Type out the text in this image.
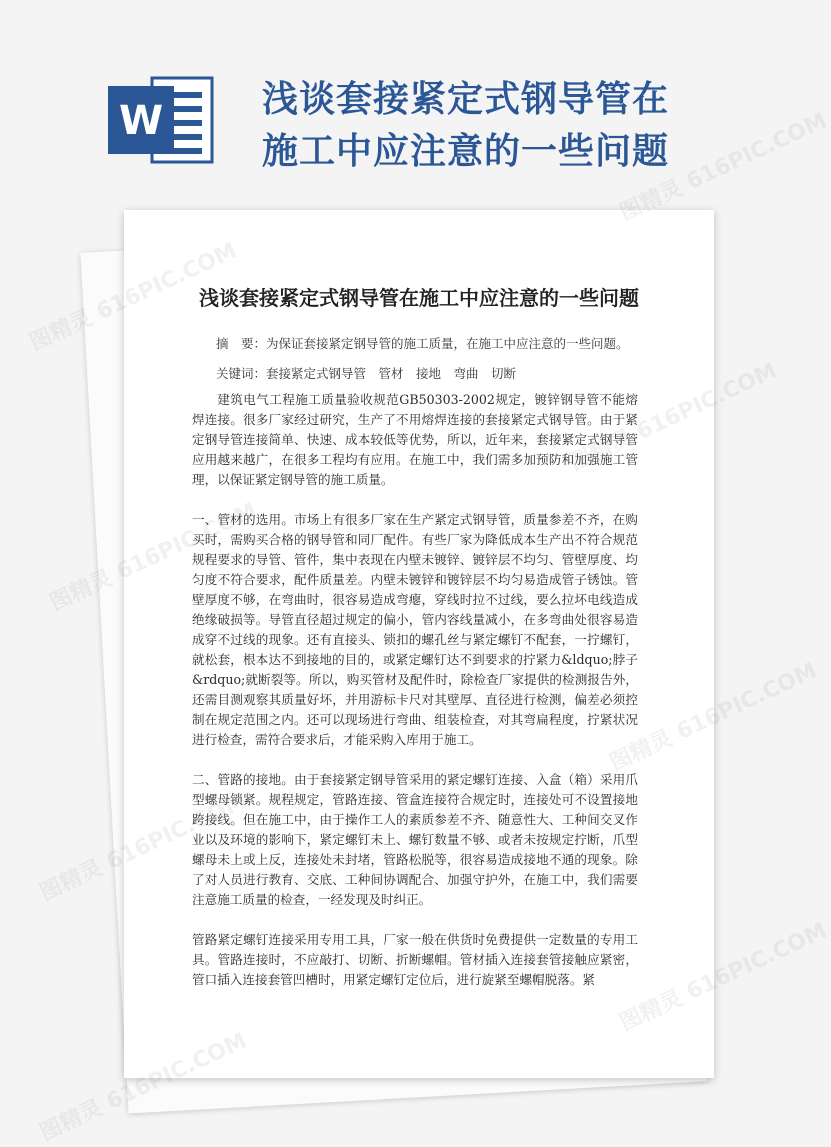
W	浅谈套接紧定式钢导管在施工中应注意的一些问题
浅谈套接紧定式钢导管在施工中应注意的一些问题
摘　要：为保证套接紧定钢导管的施工质量，在施工中应注意的一些问题。
关键词：套接紧定式钢导管　管材　接地　弯曲　切断

建筑电气工程施工质量验收规范GB50303-2002规定，镀锌钢导管不能熔焊连接。很多厂家经过研究，生产了不用熔焊连接的套接紧定式钢导管。由于紧定钢导管连接简单、快速、成本较低等优势，所以，近年来，套接紧定式钢导管应用越来越广，在很多工程均有应用。在施工中，我们需多加预防和加强施工管理，以保证紧定钢导管的施工质量。

一、管材的选用。市场上有很多厂家在生产紧定式钢导管，质量参差不齐，在购买时，需购买合格的钢导管和同厂配件。有些厂家为降低成本生产出不符合规范规程要求的导管、管件，集中表现在内壁未镀锌、镀锌层不均匀、管壁厚度、均匀度不符合要求，配件质量差。内壁未镀锌和镀锌层不均匀易造成管子锈蚀。管壁厚度不够，在弯曲时，很容易造成弯瘪，穿线时拉不过线，要么拉坏电线造成绝缘破损等。导管直径超过规定的偏小，管内容线量减小，在多弯曲处很容易造成穿不过线的现象。还有直接头、锁扣的螺孔丝与紧定螺钉不配套，一拧螺钉，就松套，根本达不到接地的目的，或紧定螺钉达不到要求的拧紧力&ldquo;脖子&rdquo;就断裂等。所以，购买管材及配件时，除检查厂家提供的检测报告外，还需目测观察其质量好坏，并用游标卡尺对其壁厚、直径进行检测，偏差必须控制在规定范围之内。还可以现场进行弯曲、组装检查，对其弯扁程度，拧紧状况进行检查，需符合要求后，才能采购入库用于施工。

二、管路的接地。由于套接紧定钢导管采用的紧定螺钉连接、入盒（箱）采用爪型螺母锁紧。规程规定，管路连接、管盒连接符合规定时，连接处可不设置接地跨接线。但在施工中，由于操作工人的素质参差不齐、随意性大、工种间交叉作业以及环境的影响下，紧定螺钉未上、螺钉数量不够、或者未按规定拧断，爪型螺母未上或上反，连接处未封堵，管路松脱等，很容易造成接地不通的现象。除了对人员进行教育、交底、工种间协调配合、加强守护外，在施工中，我们需要注意施工质量的检查，一经发现及时纠正。

管路紧定螺钉连接采用专用工具，厂家一般在供货时免费提供一定数量的专用工具。管路连接时，不应敲打、切断、折断螺帽。管材插入连接套管接触应紧密，管口插入连接套管凹槽时，用紧定螺钉定位后，进行旋紧至螺帽脱落。紧

图精灵 616PIC.COM
图精灵
图精灵
616PIC.COM
图精灵
图精灵 616PIC.COM
图精灵
